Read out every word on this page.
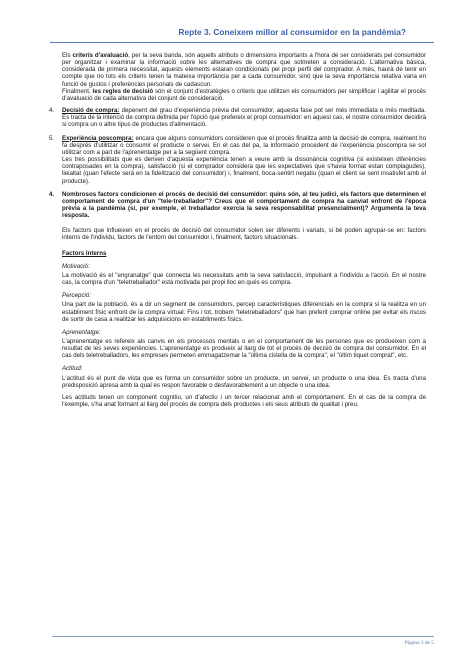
Repte 3. Coneixem millor al consumidor en la pandèmia?

Els criteris d'avaluació, per la seva banda, són aquells atributs o dimensions importants a l'hora de ser considerats pel consumidor per organitzar i examinar la informació sobre les alternatives de compra que sotmeten a consideració. L'alternativa bàsica, considerada de primera necessitat, aquests elements estaran condicionats pel propi perfil del comprador. A més, haurà de tenir en compte que no tots els criteris tenen la mateixa importància per a cada consumidor, sinó que la seva importància relativa varia en funció de gustos i preferències personals de cadascun.
Finalment, les regles de decisió són el conjunt d'estratègies o criteris que utilitzen els consumidors per simplificar i agilitar el procés d'avaluació de cada alternativa del conjunt de consideració.

4. Decisió de compra: depenent del grau d'experiència prèvia del consumidor, aquesta fase pot ser més immediata o més meditada. Es tracta de la intenció de compra definida per l'opció que prefereix el propi consumidor: en aquest cas, el nostre consumidor decidirà si compra un o altre tipus de productes d'alimentació.
5. Experiència poscompra: encara que alguns consumidors consideren que el procés finalitza amb la decisió de compra, realment ho fa després d'utilitzar o consumir el producte o servei. En el cas del pa, la informació procedent de l'experiència poscompra se sol utilitzar com a part de l'aprenentatge per a la següent compra.
Les tres possibilitats que es deriven d'aquesta experiència tenen a veure amb la dissonància cognitiva (si existeixen diferències contraposades en la compra), satisfacció (si el comprador considera que les expectatives que s'havia format estan complagudes), lleialtat (quan l'efecte serà en la fidelització del consumidor) i, finalment, boca-sentirt negatiu (quan el client se sent insatisfet amb el producte).
4. Nombrosos factors condicionen el procés de decisió del consumidor: quins són, al teu judici, els factors que determinen el comportament de compra d'un "tele-treballador"? Creus que el comportament de compra ha canviat enfront de l'època prèvia a la pandèmia (si, per exemple, el treballador exercia la seva responsabilitat presencialment)? Argumenta la teva resposta.

Els factors que influeixen en el procés de decisió del consumidor solen ser diferents i variats, si bé poden agrupar-se en: factors interns de l'individu, factors de l'entorn del consumidor i, finalment, factors situacionals.

Factors Interns
Motivació:

La motivació és el "engranatge" que connecta les necessitats amb la seva satisfacció, impulsant a l'individu a l'acció. En el nostre cas, la compra d'un "teletreballador" està motivada pel propi lloc en qués es compra.

Percepció:

Una part de la població, és a dir un segment de consumidors, percep característiques diferencials en la compra si la realitza en un establiment físic enfront de la compra virtual. Fins i tot, trobem "teletreballadors" que han preferit comprar online per evitar els riscos de sortir de casa a realitzar les adquisicions en establiments físics.

Aprenentatge:

L'aprenentatge es refereix als canvis en els processos mentals o en el comportament de les persones que es produeixen com a resultat de les seves experiències. L'aprenentatge es produeix al llarg de tot el procés de decisió de compra del consumidor. En el cas dels teletreballadors, les empreses permeten emmagatzemar la "última cistella de la compra", el "últim tiquet comprat", etc.

Actitud:

L'actitud és el punt de vista que es forma un consumidor sobre un producte, un servei, un producte o una idea. Es tracta d'una predisposició apresa amb la qual es respon favorable o desfavorablement a un objecte o una idea.

Les actituds tenen un component cognitiu, un d'afectiu i un tercer relacionat amb el comportament. En el cas de la compra de l'exemple, s'ha anat formant al llarg del procés de compra dels productes i els seus atributs de qualitat i preu.

Pàgina 3 de 5
